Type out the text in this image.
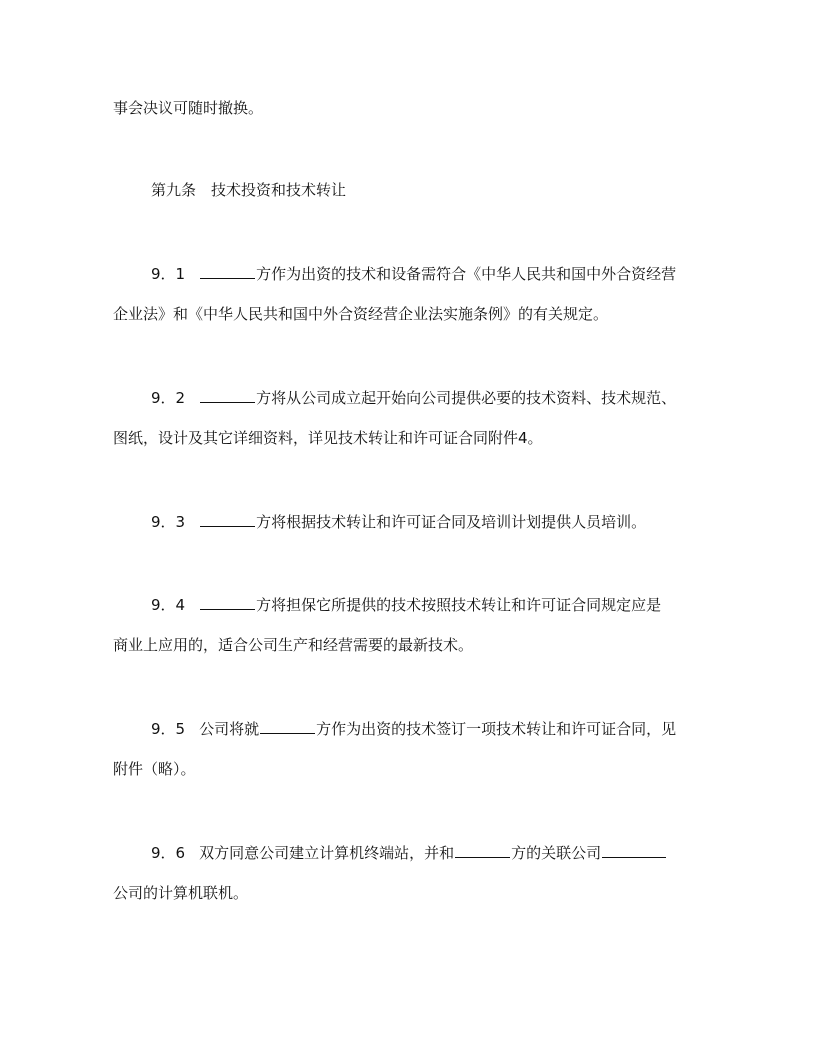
事会决议可随时撤换。
第九条　技术投资和技术转让
9．1	方作为出资的技术和设备需符合《中华人民共和国中外合资经营
企业法》和《中华人民共和国中外合资经营企业法实施条例》的有关规定。
9．2	方将从公司成立起开始向公司提供必要的技术资料、技术规范、
图纸，设计及其它详细资料，详见技术转让和许可证合同附件4。
9．3	方将根据技术转让和许可证合同及培训计划提供人员培训。
9．4	方将担保它所提供的技术按照技术转让和许可证合同规定应是
商业上应用的，适合公司生产和经营需要的最新技术。
9．5 公司将就	方作为出资的技术签订一项技术转让和许可证合同，见
附件（略）。
9．6 双方同意公司建立计算机终端站，并和	方的关联公司
公司的计算机联机。
